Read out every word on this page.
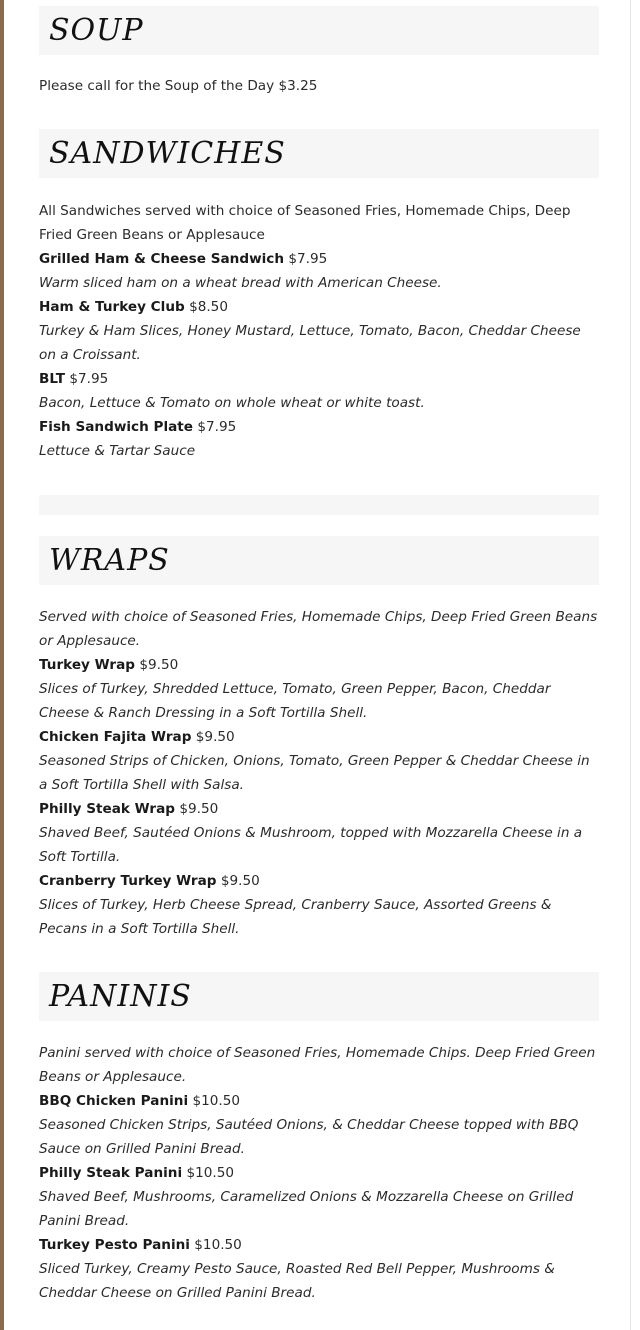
SOUP

Please call for the Soup of the Day $3.25

SANDWICHES

All Sandwiches served with choice of Seasoned Fries, Homemade Chips, Deep Fried Green Beans or Applesauce

Grilled Ham & Cheese Sandwich $7.95

Warm sliced ham on a wheat bread with American Cheese.

Ham & Turkey Club $8.50

Turkey & Ham Slices, Honey Mustard, Lettuce, Tomato, Bacon, Cheddar Cheese on a Croissant.

BLT $7.95

Bacon, Lettuce & Tomato on whole wheat or white toast.

Fish Sandwich Plate $7.95

Lettuce & Tartar Sauce

WRAPS

Served with choice of Seasoned Fries, Homemade Chips, Deep Fried Green Beans or Applesauce.

Turkey Wrap $9.50

Slices of Turkey, Shredded Lettuce, Tomato, Green Pepper, Bacon, Cheddar Cheese & Ranch Dressing in a Soft Tortilla Shell.

Chicken Fajita Wrap $9.50

Seasoned Strips of Chicken, Onions, Tomato, Green Pepper & Cheddar Cheese in a Soft Tortilla Shell with Salsa.

Philly Steak Wrap $9.50

Shaved Beef, Sautéed Onions & Mushroom, topped with Mozzarella Cheese in a Soft Tortilla.

Cranberry Turkey Wrap $9.50

Slices of Turkey, Herb Cheese Spread, Cranberry Sauce, Assorted Greens & Pecans in a Soft Tortilla Shell.

PANINIS

Panini served with choice of Seasoned Fries, Homemade Chips. Deep Fried Green Beans or Applesauce.

BBQ Chicken Panini $10.50

Seasoned Chicken Strips, Sautéed Onions, & Cheddar Cheese topped with BBQ Sauce on Grilled Panini Bread.

Philly Steak Panini $10.50

Shaved Beef, Mushrooms, Caramelized Onions & Mozzarella Cheese on Grilled Panini Bread.

Turkey Pesto Panini $10.50

Sliced Turkey, Creamy Pesto Sauce, Roasted Red Bell Pepper, Mushrooms & Cheddar Cheese on Grilled Panini Bread.
